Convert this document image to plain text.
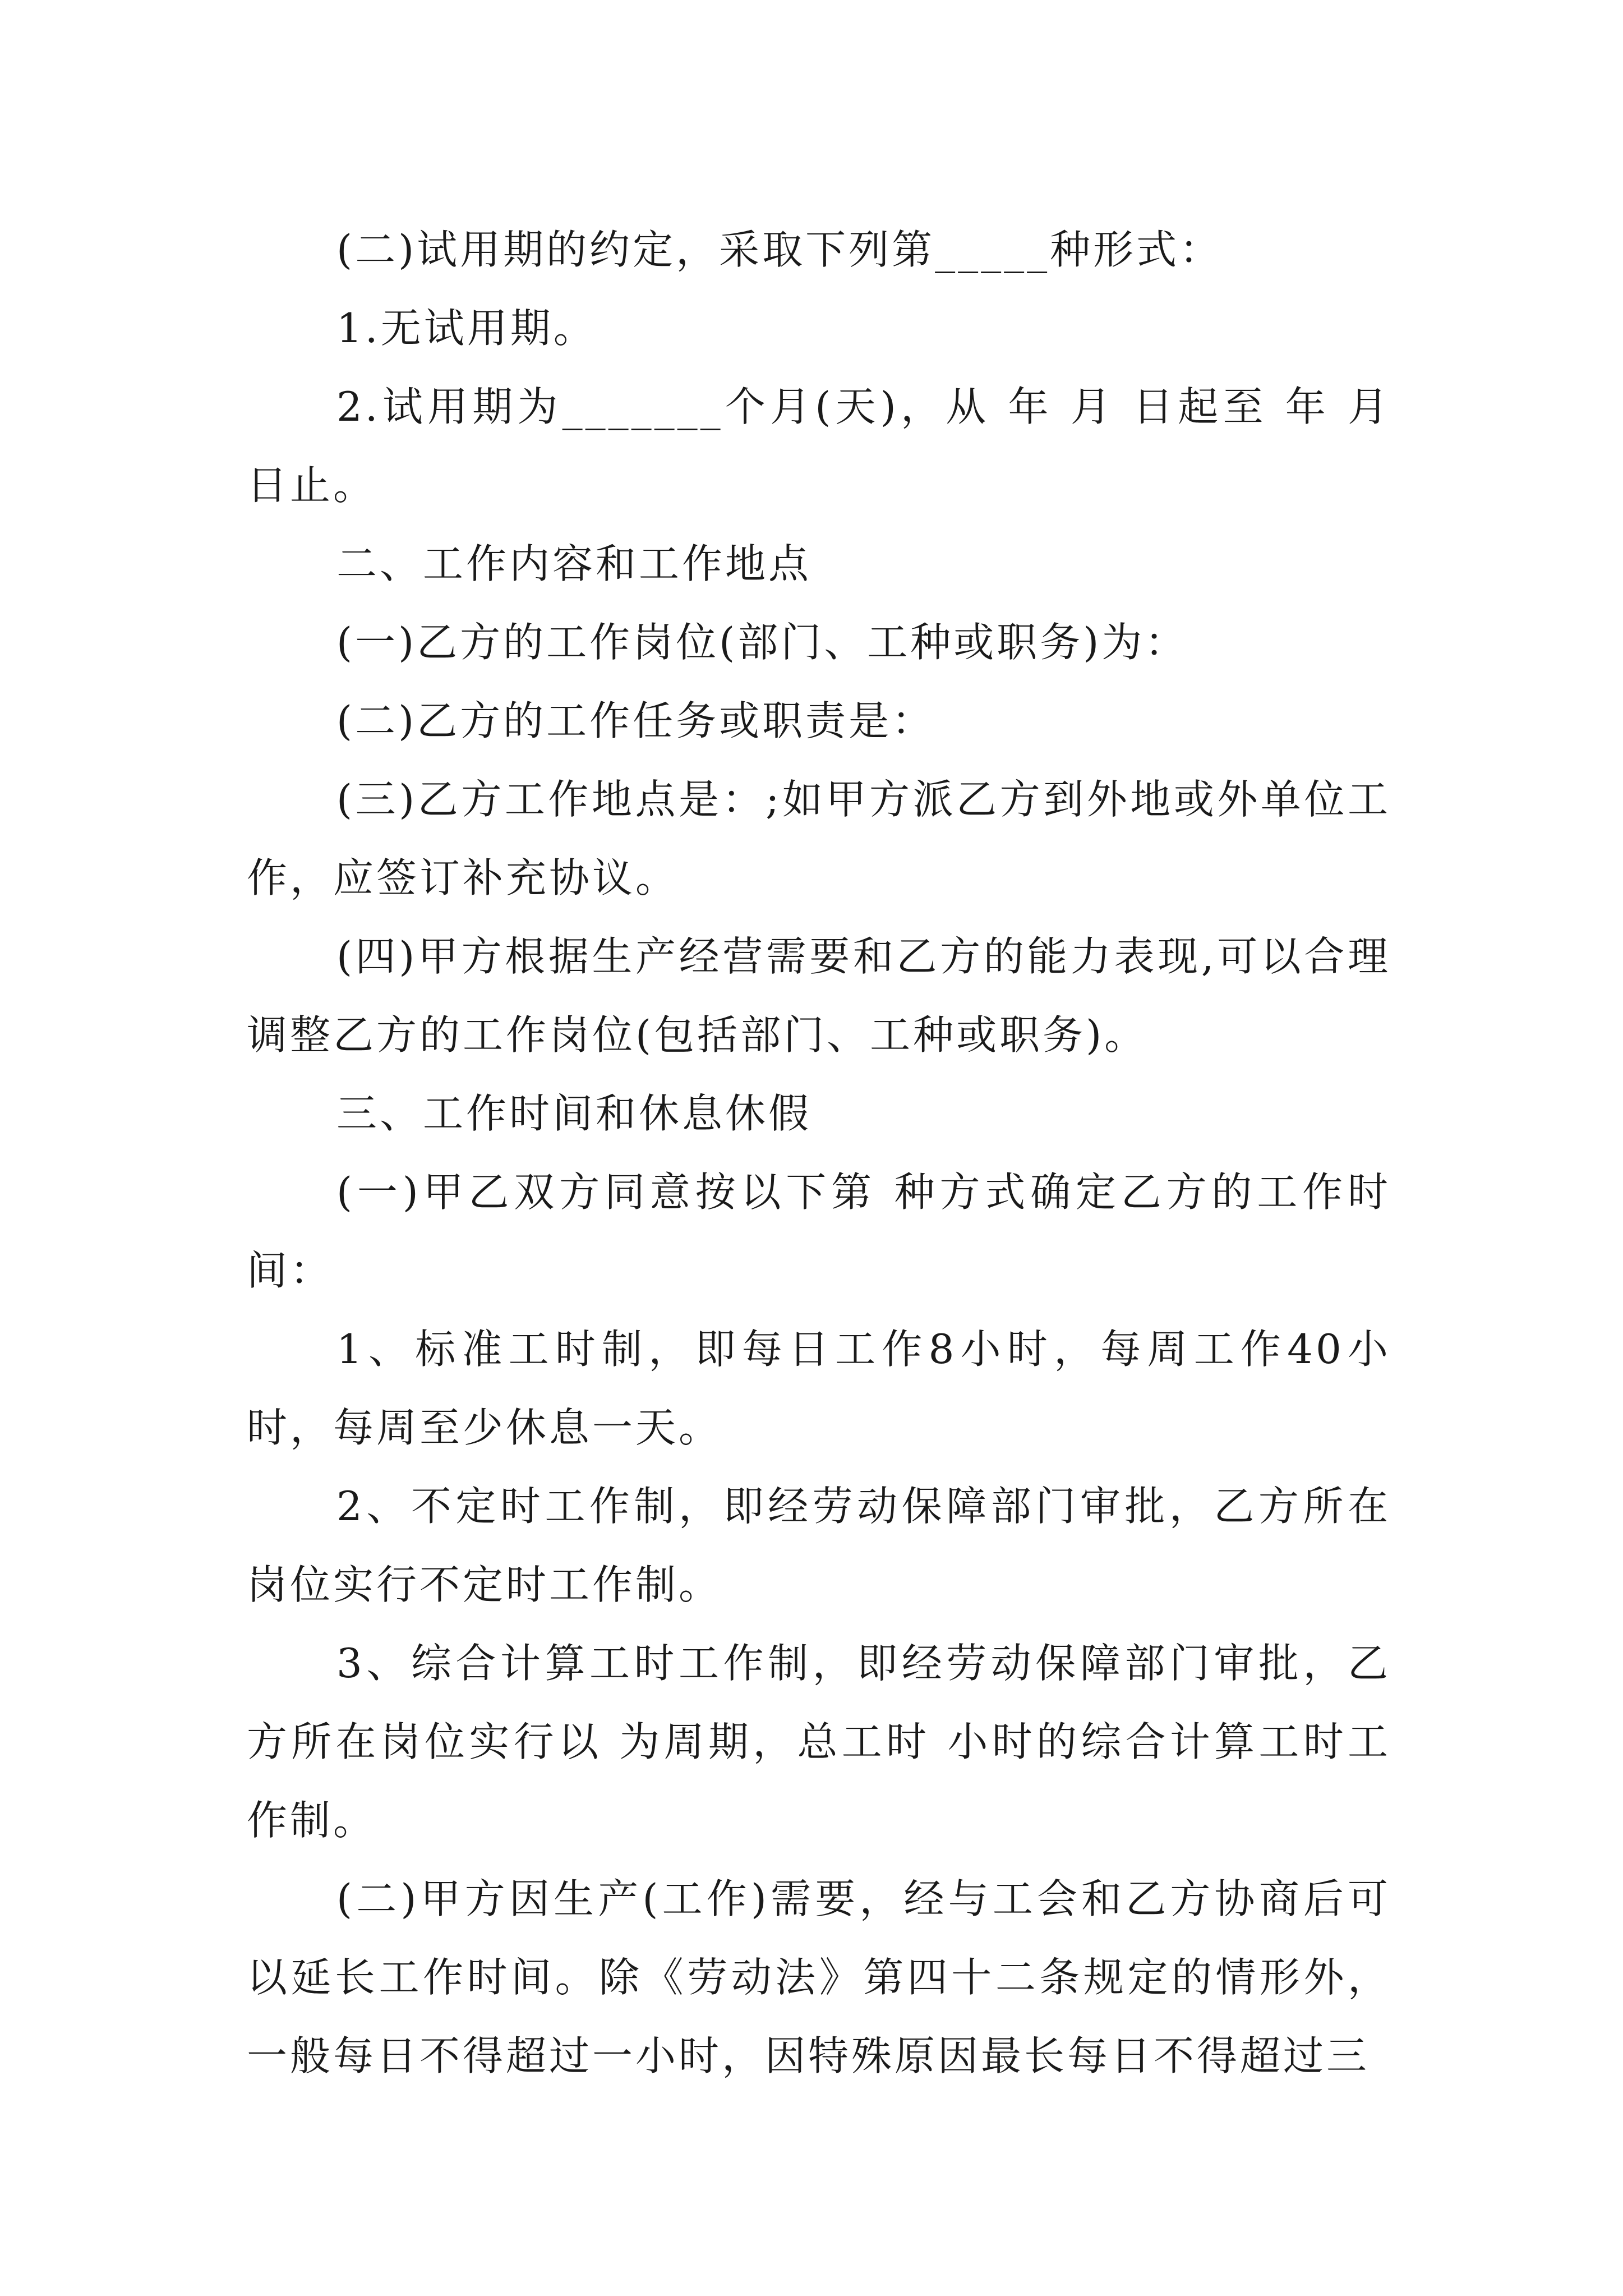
(二)试用期的约定，采取下列第_____种形式：

1.无试用期。

2.试用期为_______个月(天)，从 年 月 日起至 年 月日止。

二、工作内容和工作地点

(一)乙方的工作岗位(部门、工种或职务)为：

(二)乙方的工作任务或职责是：

(三)乙方工作地点是：;如甲方派乙方到外地或外单位工作，应签订补充协议。

(四)甲方根据生产经营需要和乙方的能力表现,可以合理调整乙方的工作岗位(包括部门、工种或职务)。

三、工作时间和休息休假

(一)甲乙双方同意按以下第 种方式确定乙方的工作时间：

1、标准工时制，即每日工作8小时，每周工作40小时，每周至少休息一天。

2、不定时工作制，即经劳动保障部门审批，乙方所在岗位实行不定时工作制。

3、综合计算工时工作制，即经劳动保障部门审批，乙方所在岗位实行以 为周期，总工时 小时的综合计算工时工作制。

(二)甲方因生产(工作)需要，经与工会和乙方协商后可以延长工作时间。除《劳动法》第四十二条规定的情形外，一般每日不得超过一小时，因特殊原因最长每日不得超过三
